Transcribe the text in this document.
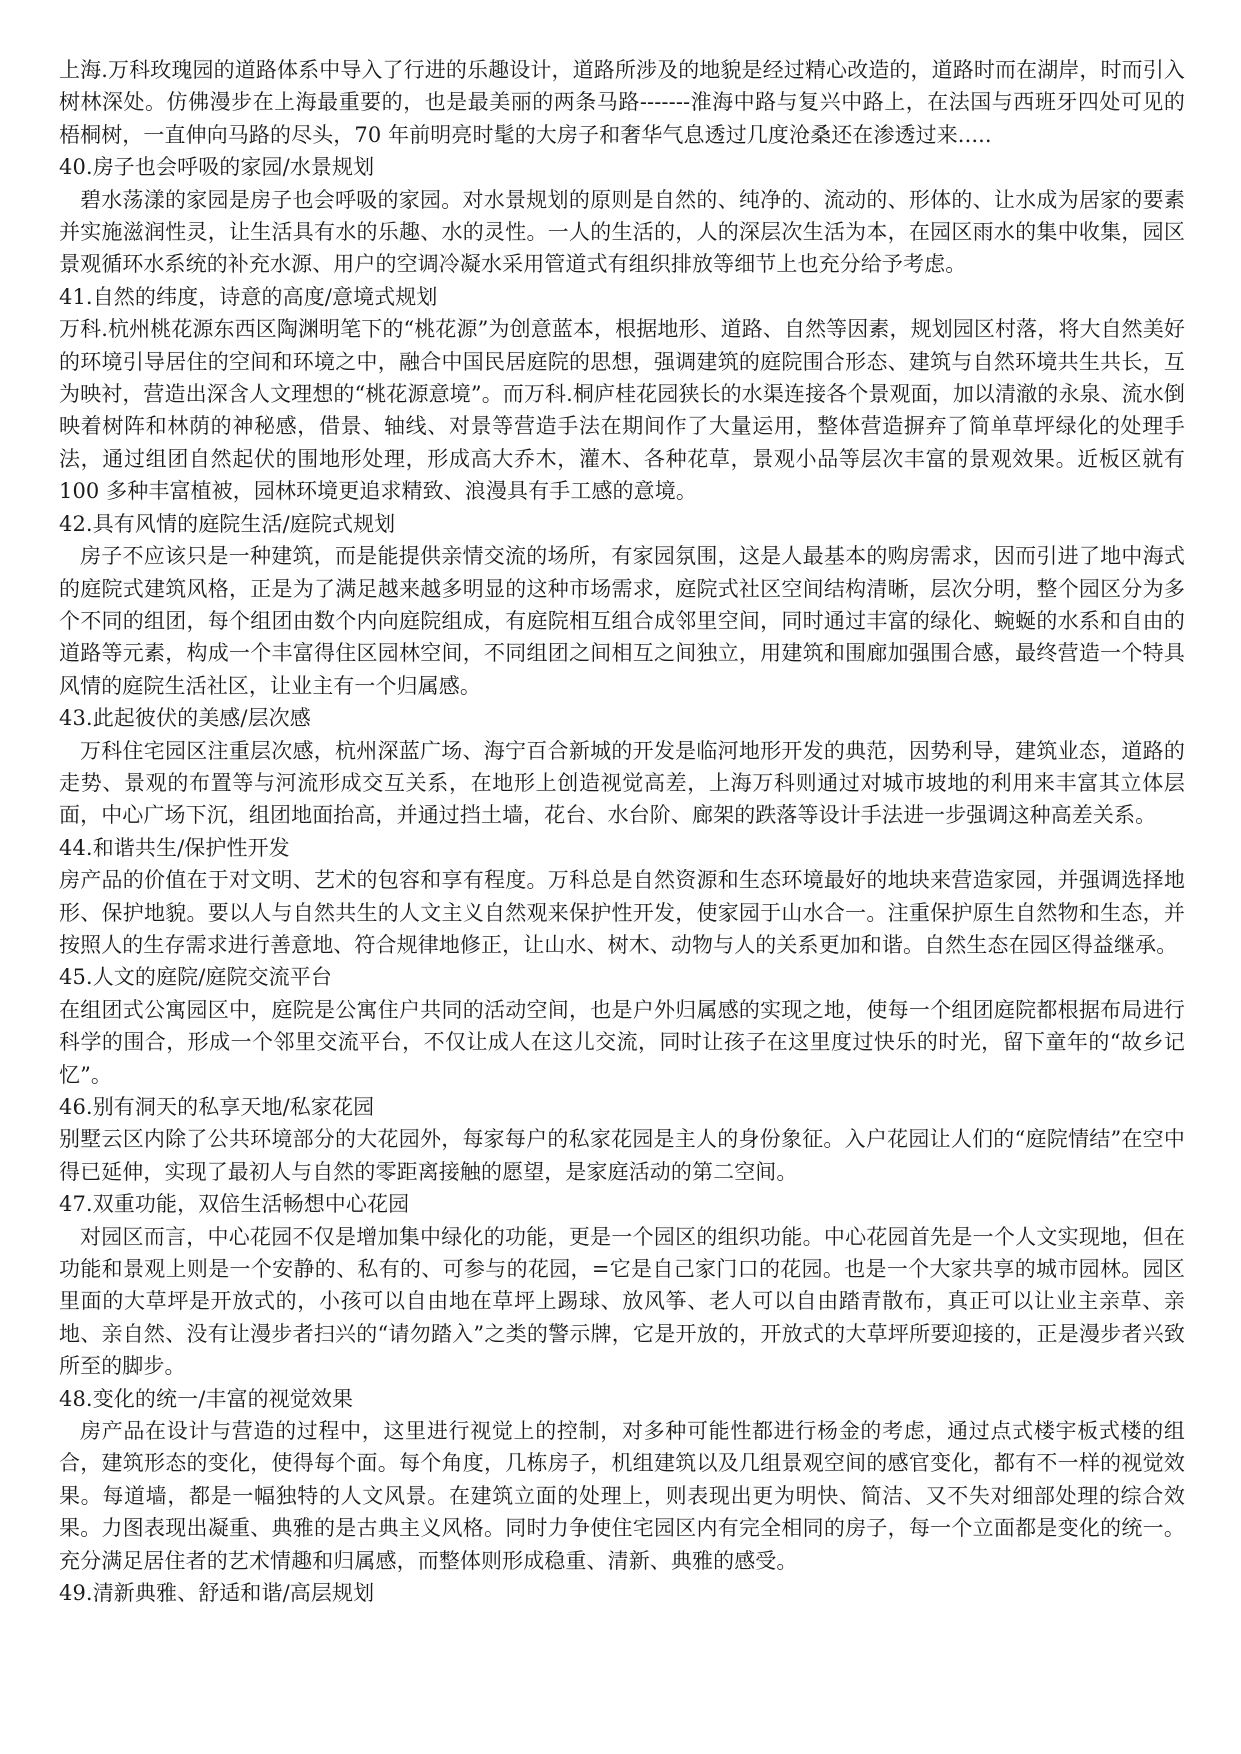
上海.万科玫瑰园的道路体系中导入了行进的乐趣设计，道路所涉及的地貌是经过精心改造的，道路时而在湖岸，时而引入树林深处。仿佛漫步在上海最重要的，也是最美丽的两条马路-------淮海中路与复兴中路上，在法国与西班牙四处可见的梧桐树，一直伸向马路的尽头，70 年前明亮时髦的大房子和奢华气息透过几度沧桑还在渗透过来.....

40.房子也会呼吸的家园/水景规划

碧水荡漾的家园是房子也会呼吸的家园。对水景规划的原则是自然的、纯净的、流动的、形体的、让水成为居家的要素并实施滋润性灵，让生活具有水的乐趣、水的灵性。一人的生活的，人的深层次生活为本，在园区雨水的集中收集，园区景观循环水系统的补充水源、用户的空调冷凝水采用管道式有组织排放等细节上也充分给予考虑。

41.自然的纬度，诗意的高度/意境式规划

万科.杭州桃花源东西区陶渊明笔下的“桃花源”为创意蓝本，根据地形、道路、自然等因素，规划园区村落，将大自然美好的环境引导居住的空间和环境之中，融合中国民居庭院的思想，强调建筑的庭院围合形态、建筑与自然环境共生共长，互为映衬，营造出深含人文理想的“桃花源意境”。而万科.桐庐桂花园狭长的水渠连接各个景观面，加以清澈的永泉、流水倒映着树阵和林荫的神秘感，借景、轴线、对景等营造手法在期间作了大量运用，整体营造摒弃了简单草坪绿化的处理手法，通过组团自然起伏的围地形处理，形成高大乔木，灌木、各种花草，景观小品等层次丰富的景观效果。近板区就有 100 多种丰富植被，园林环境更追求精致、浪漫具有手工感的意境。

42.具有风情的庭院生活/庭院式规划

房子不应该只是一种建筑，而是能提供亲情交流的场所，有家园氛围，这是人最基本的购房需求，因而引进了地中海式的庭院式建筑风格，正是为了满足越来越多明显的这种市场需求，庭院式社区空间结构清晰，层次分明，整个园区分为多个不同的组团，每个组团由数个内向庭院组成，有庭院相互组合成邻里空间，同时通过丰富的绿化、蜿蜒的水系和自由的道路等元素，构成一个丰富得住区园林空间，不同组团之间相互之间独立，用建筑和围廊加强围合感，最终营造一个特具风情的庭院生活社区，让业主有一个归属感。

43.此起彼伏的美感/层次感

万科住宅园区注重层次感，杭州深蓝广场、海宁百合新城的开发是临河地形开发的典范，因势利导，建筑业态，道路的走势、景观的布置等与河流形成交互关系，在地形上创造视觉高差，上海万科则通过对城市坡地的利用来丰富其立体层面，中心广场下沉，组团地面抬高，并通过挡土墙，花台、水台阶、廊架的跌落等设计手法进一步强调这种高差关系。

44.和谐共生/保护性开发

房产品的价值在于对文明、艺术的包容和享有程度。万科总是自然资源和生态环境最好的地块来营造家园，并强调选择地形、保护地貌。要以人与自然共生的人文主义自然观来保护性开发，使家园于山水合一。注重保护原生自然物和生态，并按照人的生存需求进行善意地、符合规律地修正，让山水、树木、动物与人的关系更加和谐。自然生态在园区得益继承。

45.人文的庭院/庭院交流平台

在组团式公寓园区中，庭院是公寓住户共同的活动空间，也是户外归属感的实现之地，使每一个组团庭院都根据布局进行科学的围合，形成一个邻里交流平台，不仅让成人在这儿交流，同时让孩子在这里度过快乐的时光，留下童年的“故乡记忆”。

46.别有洞天的私享天地/私家花园

别墅云区内除了公共环境部分的大花园外，每家每户的私家花园是主人的身份象征。入户花园让人们的“庭院情结”在空中得已延伸，实现了最初人与自然的零距离接触的愿望，是家庭活动的第二空间。

47.双重功能，双倍生活畅想中心花园

对园区而言，中心花园不仅是增加集中绿化的功能，更是一个园区的组织功能。中心花园首先是一个人文实现地，但在功能和景观上则是一个安静的、私有的、可参与的花园，=它是自己家门口的花园。也是一个大家共享的城市园林。园区里面的大草坪是开放式的，小孩可以自由地在草坪上踢球、放风筝、老人可以自由踏青散布，真正可以让业主亲草、亲地、亲自然、没有让漫步者扫兴的“请勿踏入”之类的警示牌，它是开放的，开放式的大草坪所要迎接的，正是漫步者兴致所至的脚步。

48.变化的统一/丰富的视觉效果

房产品在设计与营造的过程中，这里进行视觉上的控制，对多种可能性都进行杨金的考虑，通过点式楼宇板式楼的组合，建筑形态的变化，使得每个面。每个角度，几栋房子，机组建筑以及几组景观空间的感官变化，都有不一样的视觉效果。每道墙，都是一幅独特的人文风景。在建筑立面的处理上，则表现出更为明快、简洁、又不失对细部处理的综合效果。力图表现出凝重、典雅的是古典主义风格。同时力争使住宅园区内有完全相同的房子，每一个立面都是变化的统一。充分满足居住者的艺术情趣和归属感，而整体则形成稳重、清新、典雅的感受。

49.清新典雅、舒适和谐/高层规划
